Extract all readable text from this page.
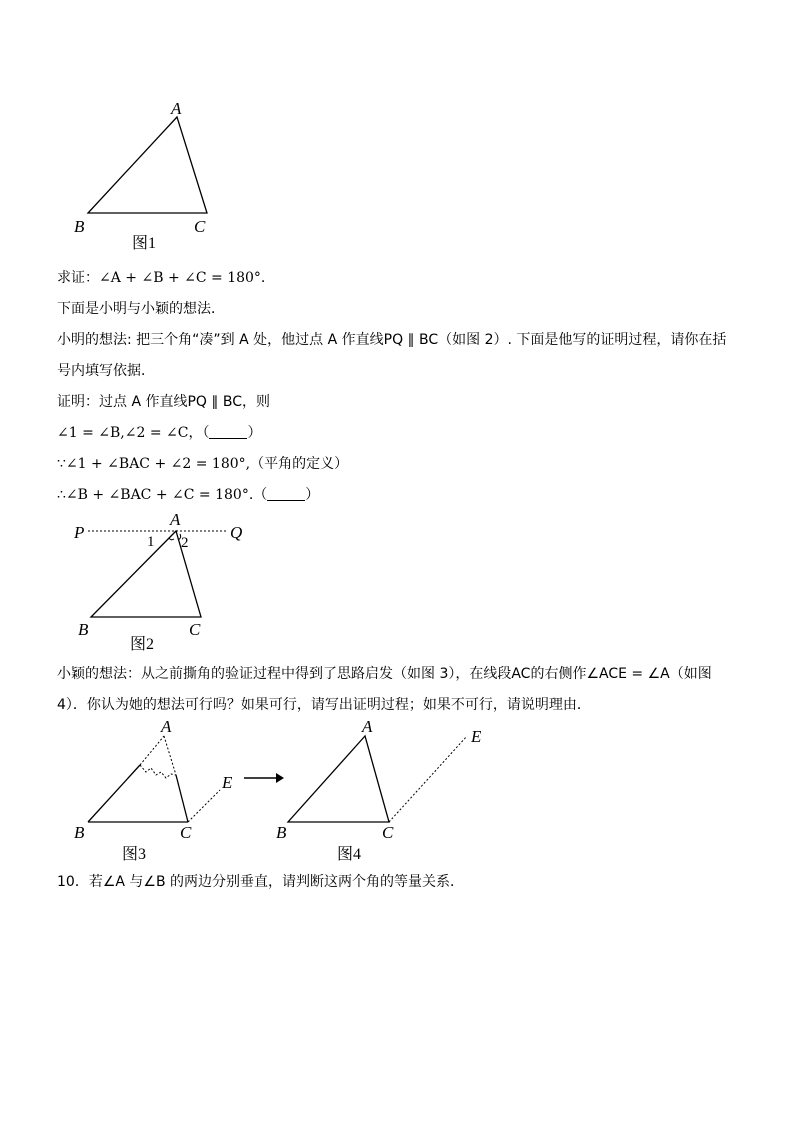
A
B	C
图1
求证：∠A + ∠B + ∠C = 180°.
下面是小明与小颖的想法．
小明的想法: 把三个角“凑”到 A 处，他过点 A 作直线PQ ∥ BC（如图 2）. 下面是他写的证明过程，请你在括
号内填写依据．
证明：过点 A 作直线PQ ∥ BC，则
∠1 = ∠B,∠2 = ∠C，（	）
∵∠1 + ∠BAC + ∠2 = 180°,（平角的定义）
∴∠B + ∠BAC + ∠C = 180°.（	）
P	Q
A
1 2
B	C
图2
小颖的想法：从之前撕角的验证过程中得到了思路启发（如图 3），在线段AC的右侧作∠ACE = ∠A（如图
4）．你认为她的想法可行吗？如果可行，请写出证明过程；如果不可行，请说明理由．
A
B	C
E
图3
A
B	C
E
图4
10．若∠A 与∠B 的两边分别垂直，请判断这两个角的等量关系．
